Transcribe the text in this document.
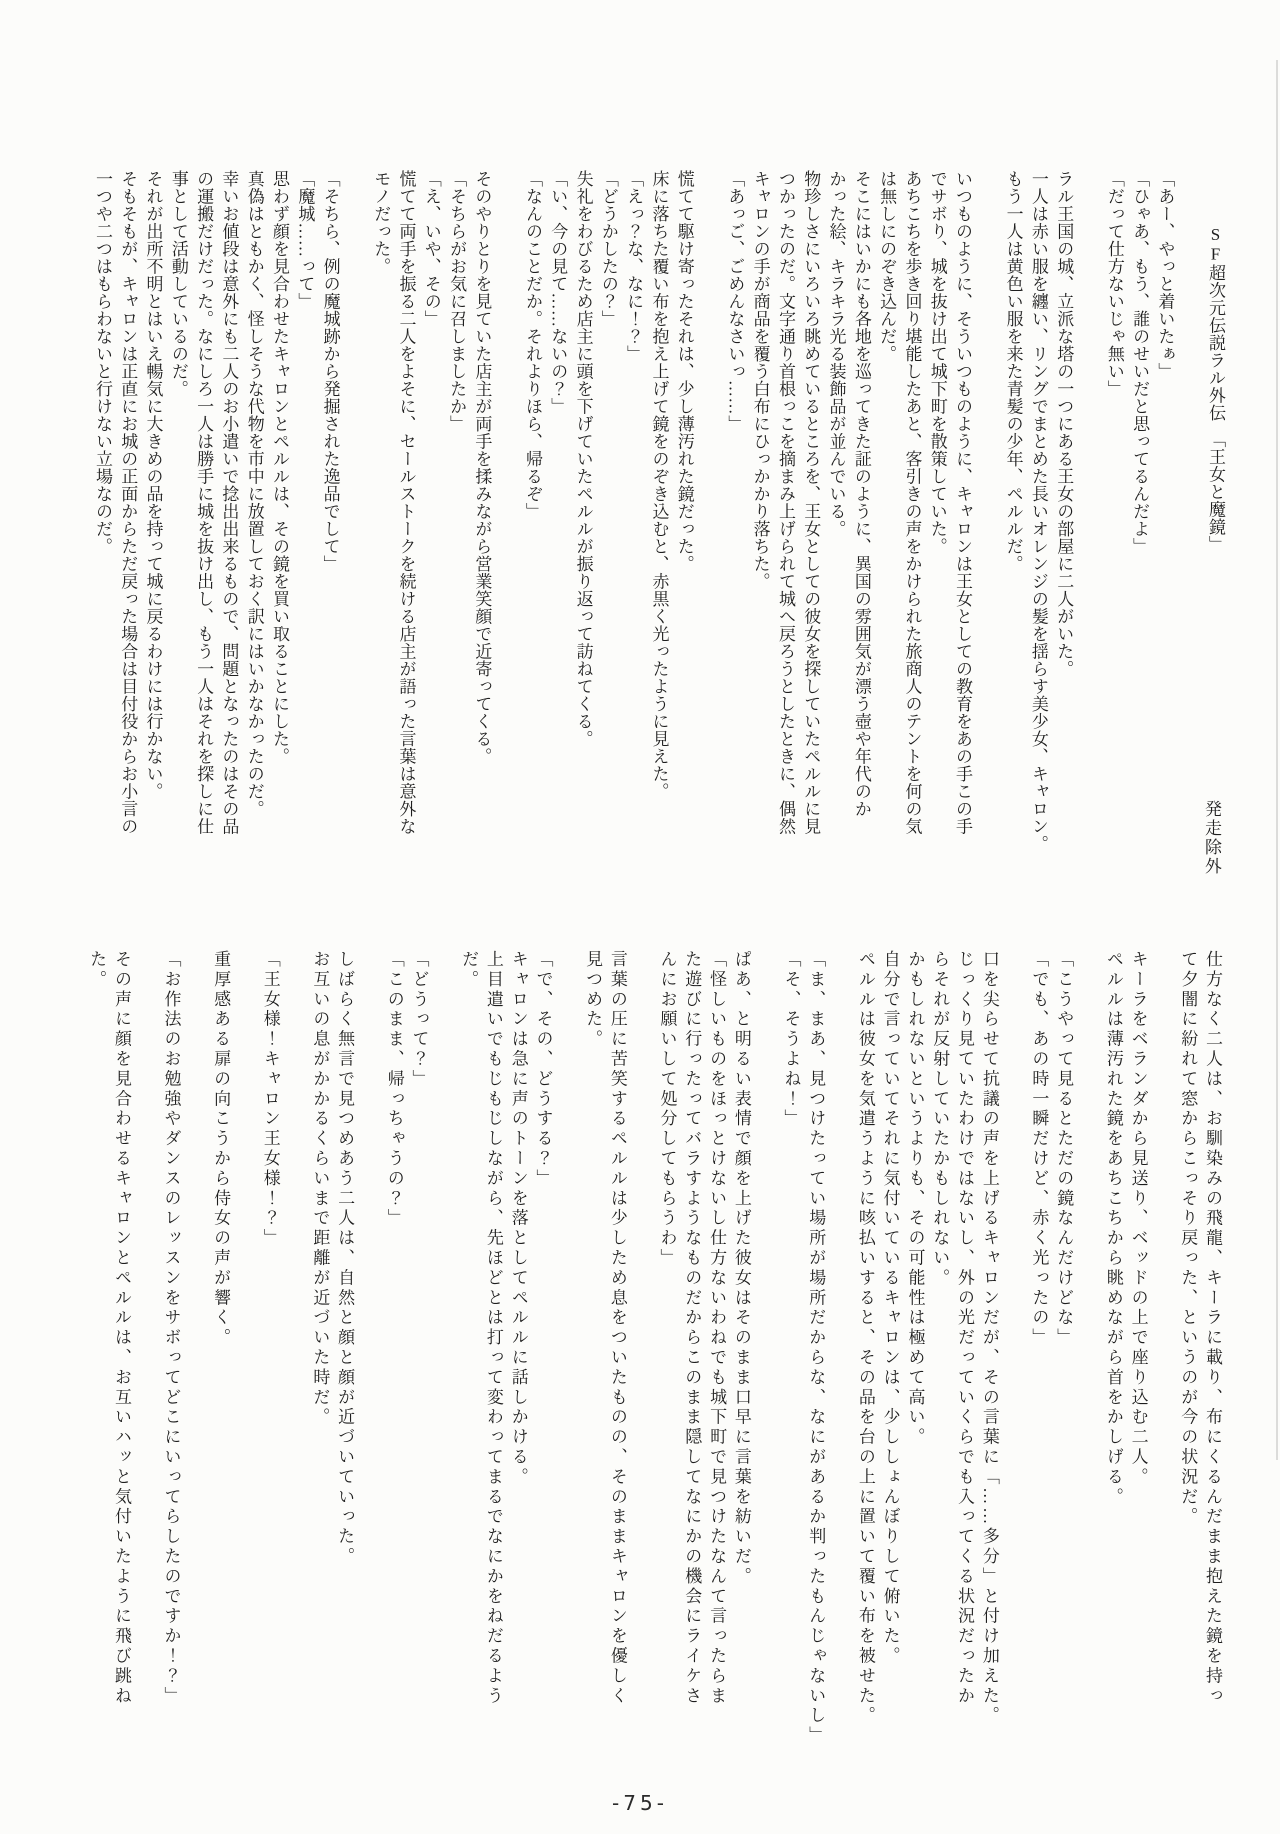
SF超次元伝説ラル外伝　「王女と魔鏡」

「あー、やっと着いたぁ」

「ひゃあ、もう、誰のせいだと思ってるんだよ」

「だって仕方ないじゃ無い」

ラル王国の城、立派な塔の一つにある王女の部屋に二人がいた。

一人は赤い服を纏い、リングでまとめた長いオレンジの髪を揺らす美少女、キャロン。

もう一人は黄色い服を来た青髪の少年、ペルルだ。

いつものように、そういつものように、キャロンは王女としての教育をあの手この手

でサボり、城を抜け出て城下町を散策していた。

あちこちを歩き回り堪能したあと、客引きの声をかけられた旅商人のテントを何の気

は無しにのぞき込んだ。

そこにはいかにも各地を巡ってきた証のように、異国の雰囲気が漂う壺や年代のか

かった絵、キラキラ光る装飾品が並んでいる。

物珍しさにいろいろ眺めているところを、王女としての彼女を探していたペルルに見

つかったのだ。文字通り首根っこを摘まみ上げられて城へ戻ろうとしたときに、偶然

キャロンの手が商品を覆う白布にひっかかり落ちた。

「あっご、ごめんなさいっ……」

慌てて駆け寄ったそれは、少し薄汚れた鏡だった。

床に落ちた覆い布を抱え上げて鏡をのぞき込むと、赤黒く光ったように見えた。

「えっ？な、なに！？」

「どうかしたの？」

失礼をわびるため店主に頭を下げていたペルルが振り返って訪ねてくる。

「い、今の見て……ないの？」

「なんのことだか。それよりほら、帰るぞ」

そのやりとりを見ていた店主が両手を揉みながら営業笑顔で近寄ってくる。

「そちらがお気に召しましたか」

「え、いや、その」

慌てて両手を振る二人をよそに、セールストークを続ける店主が語った言葉は意外な

モノだった。

「そちら、例の魔城跡から発掘された逸品でして」

「魔城……って」

思わず顔を見合わせたキャロンとペルルは、その鏡を買い取ることにした。

真偽はともかく、怪しそうな代物を市中に放置しておく訳にはいかなかったのだ。

幸いお値段は意外にも二人のお小遣いで捻出出来るもので、問題となったのはその品

の運搬だけだった。なにしろ一人は勝手に城を抜け出し、もう一人はそれを探しに仕

事として活動しているのだ。

それが出所不明とはいえ暢気に大きめの品を持って城に戻るわけには行かない。

そもそもが、キャロンは正直にお城の正面からただ戻った場合は目付役からお小言の

一つや二つはもらわないと行けない立場なのだ。

発走除外

仕方なく二人は、お馴染みの飛龍、キーラに載り、布にくるんだまま抱えた鏡を持っ

て夕闇に紛れて窓からこっそり戻った、というのが今の状況だ。

キーラをベランダから見送り、ベッドの上で座り込む二人。

ペルルは薄汚れた鏡をあちこちから眺めながら首をかしげる。

「こうやって見るとただの鏡なんだけどな」

「でも、あの時一瞬だけど、赤く光ったの」

口を尖らせて抗議の声を上げるキャロンだが、その言葉に「……多分」と付け加えた。

じっくり見ていたわけではないし、外の光だっていくらでも入ってくる状況だったか

らそれが反射していたかもしれない。

かもしれないというよりも、その可能性は極めて高い。

自分で言っていてそれに気付いているキャロンは、少ししょんぼりして俯いた。

ペルルは彼女を気遣うように咳払いすると、その品を台の上に置いて覆い布を被せた。

「ま、まあ、見つけたってい場所が場所だからな、なにがあるか判ったもんじゃないし」

「そ、そうよね！」

ぱあ、と明るい表情で顔を上げた彼女はそのまま口早に言葉を紡いだ。

「怪しいものをほっとけないし仕方ないわねでも城下町で見つけたなんて言ったらま

た遊びに行ったってバラすようなものだからこのまま隠してなにかの機会にライケさ

んにお願いして処分してもらうわ」

言葉の圧に苦笑するペルルは少しため息をついたものの、そのままキャロンを優しく

見つめた。

「で、その、どうする？」

キャロンは急に声のトーンを落としてペルルに話しかける。

上目遣いでもじもじしながら、先ほどとは打って変わってまるでなにかをねだるよう

だ。

「どうって？」

「このまま、帰っちゃうの？」

しばらく無言で見つめあう二人は、自然と顔と顔が近づいていった。

お互いの息がかかるくらいまで距離が近づいた時だ。

「王女様！キャロン王女様！？」

重厚感ある扉の向こうから侍女の声が響く。

「お作法のお勉強やダンスのレッスンをサボってどこにいってらしたのですか！？」

その声に顔を見合わせるキャロンとペルルは、お互いハッと気付いたように飛び跳ね

た。

-75-
